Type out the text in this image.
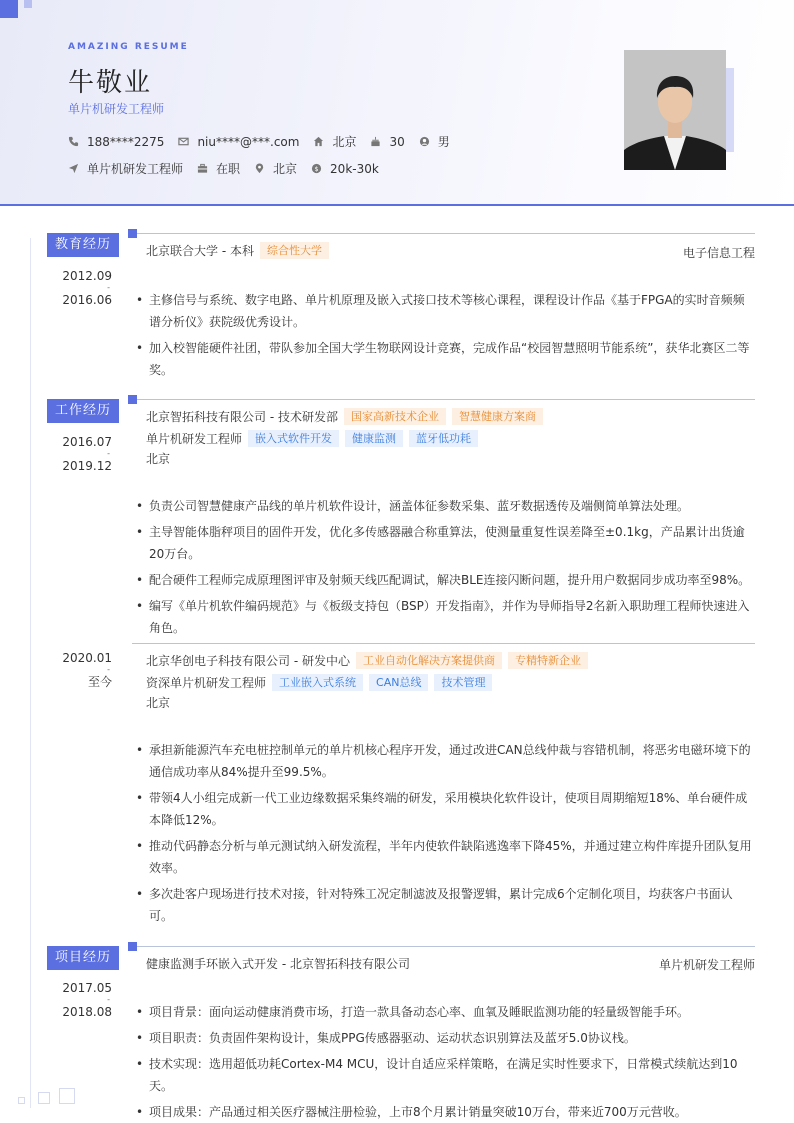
AMAZING RESUME
牛敬业
单片机研发工程师
188****2275	niu****@***.com	北京	30	男
单片机研发工程师	在职	北京 $ 20k-30k
教育经历
2012.09
-
2016.06
北京联合大学 - 本科	综合性大学	电子信息工程
• 主修信号与系统、数字电路、单片机原理及嵌入式接口技术等核心课程，课程设计作品《基于FPGA的实时音频频谱分析仪》获院级优秀设计。
• 加入校智能硬件社团，带队参加全国大学生物联网设计竞赛，完成作品“校园智慧照明节能系统”，获华北赛区二等奖。
工作经历
2016.07
-
2019.12
北京智拓科技有限公司 - 技术研发部	国家高新技术企业	智慧健康方案商
单片机研发工程师	嵌入式软件开发	健康监测	蓝牙低功耗
北京
• 负责公司智慧健康产品线的单片机软件设计，涵盖体征参数采集、蓝牙数据透传及端侧简单算法处理。
• 主导智能体脂秤项目的固件开发，优化多传感器融合称重算法，使测量重复性误差降至±0.1kg，产品累计出货逾20万台。
• 配合硬件工程师完成原理图评审及射频天线匹配调试，解决BLE连接闪断问题，提升用户数据同步成功率至98%。
• 编写《单片机软件编码规范》与《板级支持包（BSP）开发指南》，并作为导师指导2名新入职助理工程师快速进入角色。
2020.01
-
至今
北京华创电子科技有限公司 - 研发中心	工业自动化解决方案提供商	专精特新企业
资深单片机研发工程师	工业嵌入式系统	CAN总线	技术管理
北京
• 承担新能源汽车充电桩控制单元的单片机核心程序开发，通过改进CAN总线仲裁与容错机制，将恶劣电磁环境下的通信成功率从84%提升至99.5%。
• 带领4人小组完成新一代工业边缘数据采集终端的研发，采用模块化软件设计，使项目周期缩短18%、单台硬件成本降低12%。
• 推动代码静态分析与单元测试纳入研发流程，半年内使软件缺陷逃逸率下降45%，并通过建立构件库提升团队复用效率。
• 多次赴客户现场进行技术对接，针对特殊工况定制滤波及报警逻辑，累计完成6个定制化项目，均获客户书面认可。
项目经历
2017.05
-
2018.08
健康监测手环嵌入式开发 - 北京智拓科技有限公司	单片机研发工程师
• 项目背景：面向运动健康消费市场，打造一款具备动态心率、血氧及睡眠监测功能的轻量级智能手环。
• 项目职责：负责固件架构设计，集成PPG传感器驱动、运动状态识别算法及蓝牙5.0协议栈。
• 技术实现：选用超低功耗Cortex-M4 MCU，设计自适应采样策略，在满足实时性要求下，日常模式续航达到10天。
• 项目成果：产品通过相关医疗器械注册检验，上市8个月累计销量突破10万台，带来近700万元营收。
